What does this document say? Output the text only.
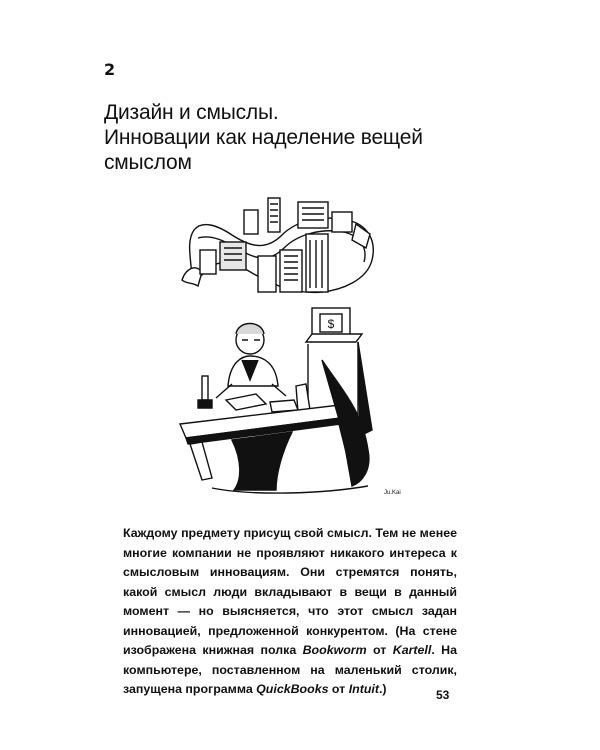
2
Дизайн и смыслы.
Инновации как наделение вещей
смыслом
$
Ju.Kai

Каждому предмету присущ свой смысл. Тем не менее многие компании не проявляют никакого интереса к смысловым инновациям. Они стремятся понять, какой смысл люди вкладывают в вещи в данный момент — но выясняется, что этот смысл задан инновацией, предложенной конкурентом. (На стене изображена книжная полка Bookworm от Kartell. На компьютере, поставленном на маленький столик, запущена программа QuickBooks от Intuit.)	53
